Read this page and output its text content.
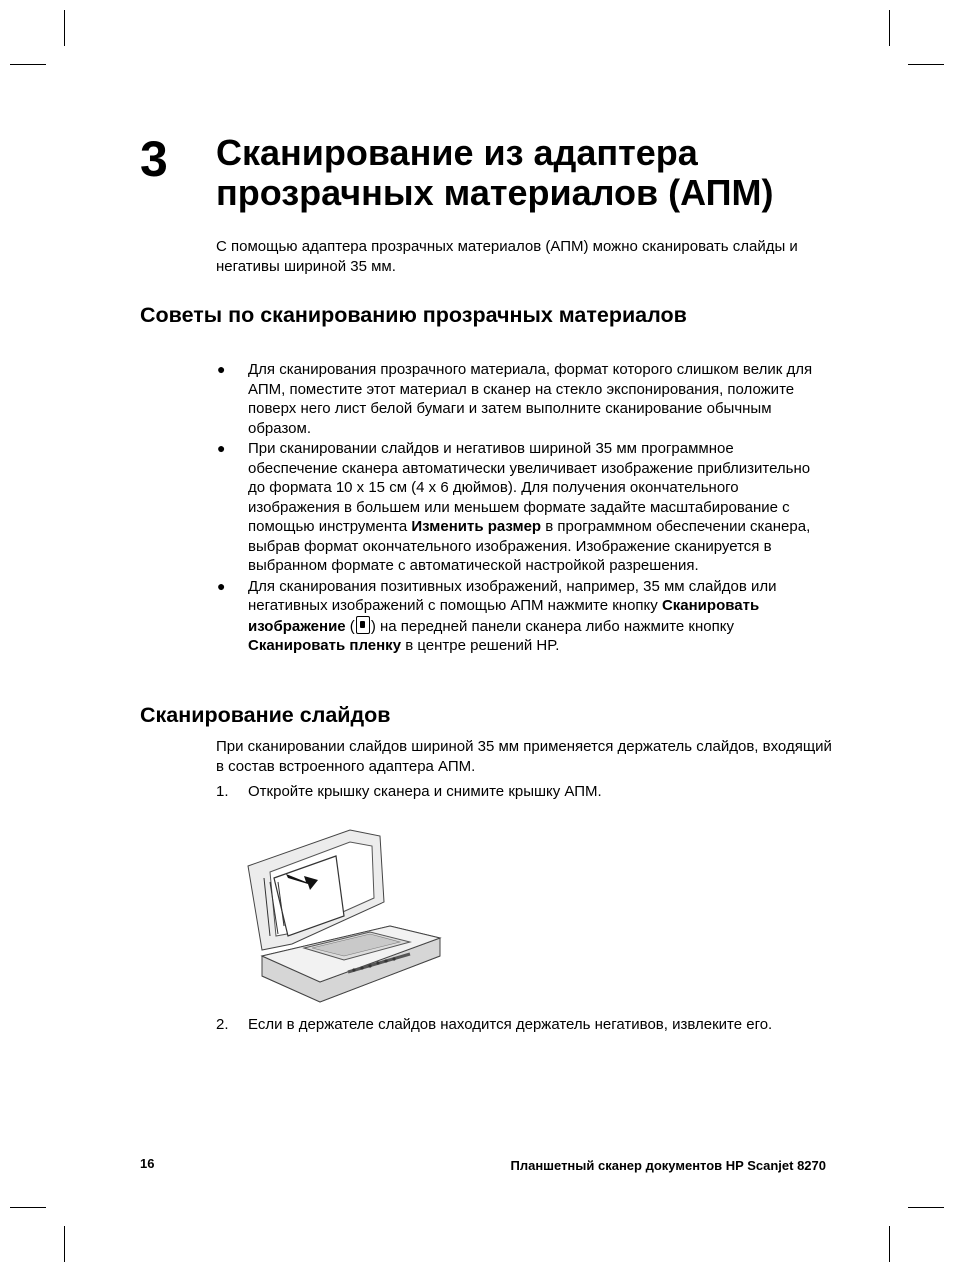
3 Сканирование из адаптера прозрачных материалов (АПМ)

С помощью адаптера прозрачных материалов (АПМ) можно сканировать слайды и негативы шириной 35 мм.

Советы по сканированию прозрачных материалов
● Для сканирования прозрачного материала, формат которого слишком велик для АПМ, поместите этот материал в сканер на стекло экспонирования, положите поверх него лист белой бумаги и затем выполните сканирование обычным образом.
● При сканировании слайдов и негативов шириной 35 мм программное обеспечение сканера автоматически увеличивает изображение приблизительно до формата 10 x 15 см (4 x 6 дюймов). Для получения окончательного изображения в большем или меньшем формате задайте масштабирование с помощью инструмента Изменить размер в программном обеспечении сканера, выбрав формат окончательного изображения. Изображение сканируется в выбранном формате с автоматической настройкой разрешения.
● Для сканирования позитивных изображений, например, 35 мм слайдов или негативных изображений с помощью АПМ нажмите кнопку Сканировать изображение ( ) на передней панели сканера либо нажмите кнопку Сканировать пленку в центре решений HP.
Сканирование слайдов

При сканировании слайдов шириной 35 мм применяется держатель слайдов, входящий в состав встроенного адаптера АПМ.

1. Откройте крышку сканера и снимите крышку АПМ.
2. Если в держателе слайдов находится держатель негативов, извлеките его.
16	Планшетный сканер документов HP Scanjet 8270
